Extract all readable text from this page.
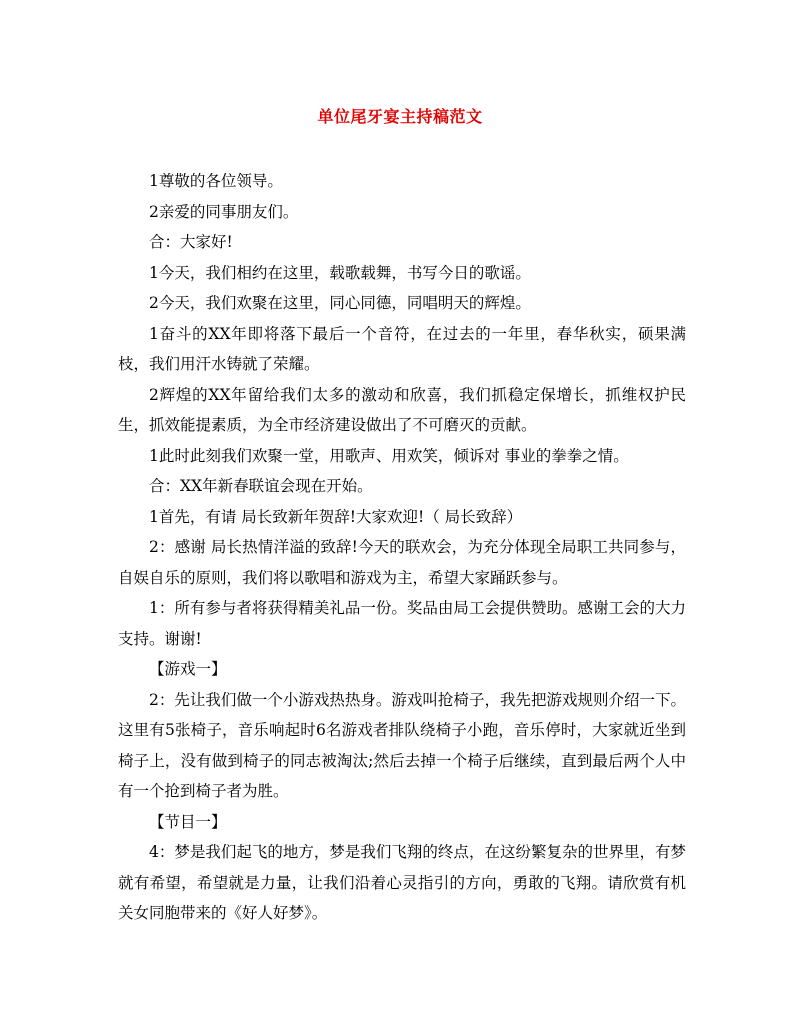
单位尾牙宴主持稿范文

1尊敬的各位领导。

2亲爱的同事朋友们。

合：大家好!

1今天，我们相约在这里，载歌载舞，书写今日的歌谣。

2今天，我们欢聚在这里，同心同德，同唱明天的辉煌。

1奋斗的XX年即将落下最后一个音符，在过去的一年里，春华秋实，硕果满枝，我们用汗水铸就了荣耀。

2辉煌的XX年留给我们太多的激动和欣喜，我们抓稳定保增长，抓维权护民生，抓效能提素质，为全市经济建设做出了不可磨灭的贡献。

1此时此刻我们欢聚一堂，用歌声、用欢笑，倾诉对 事业的拳拳之情。

合：XX年新春联谊会现在开始。

1首先，有请 局长致新年贺辞!大家欢迎!（ 局长致辞）

2：感谢 局长热情洋溢的致辞!今天的联欢会，为充分体现全局职工共同参与，自娱自乐的原则，我们将以歌唱和游戏为主，希望大家踊跃参与。

1：所有参与者将获得精美礼品一份。奖品由局工会提供赞助。感谢工会的大力支持。谢谢!

【游戏一】

2：先让我们做一个小游戏热热身。游戏叫抢椅子，我先把游戏规则介绍一下。这里有5张椅子，音乐响起时6名游戏者排队绕椅子小跑，音乐停时，大家就近坐到椅子上，没有做到椅子的同志被淘汰;然后去掉一个椅子后继续，直到最后两个人中有一个抢到椅子者为胜。

【节目一】

4：梦是我们起飞的地方，梦是我们飞翔的终点，在这纷繁复杂的世界里，有梦就有希望，希望就是力量，让我们沿着心灵指引的方向，勇敢的飞翔。请欣赏有机关女同胞带来的《好人好梦》。
